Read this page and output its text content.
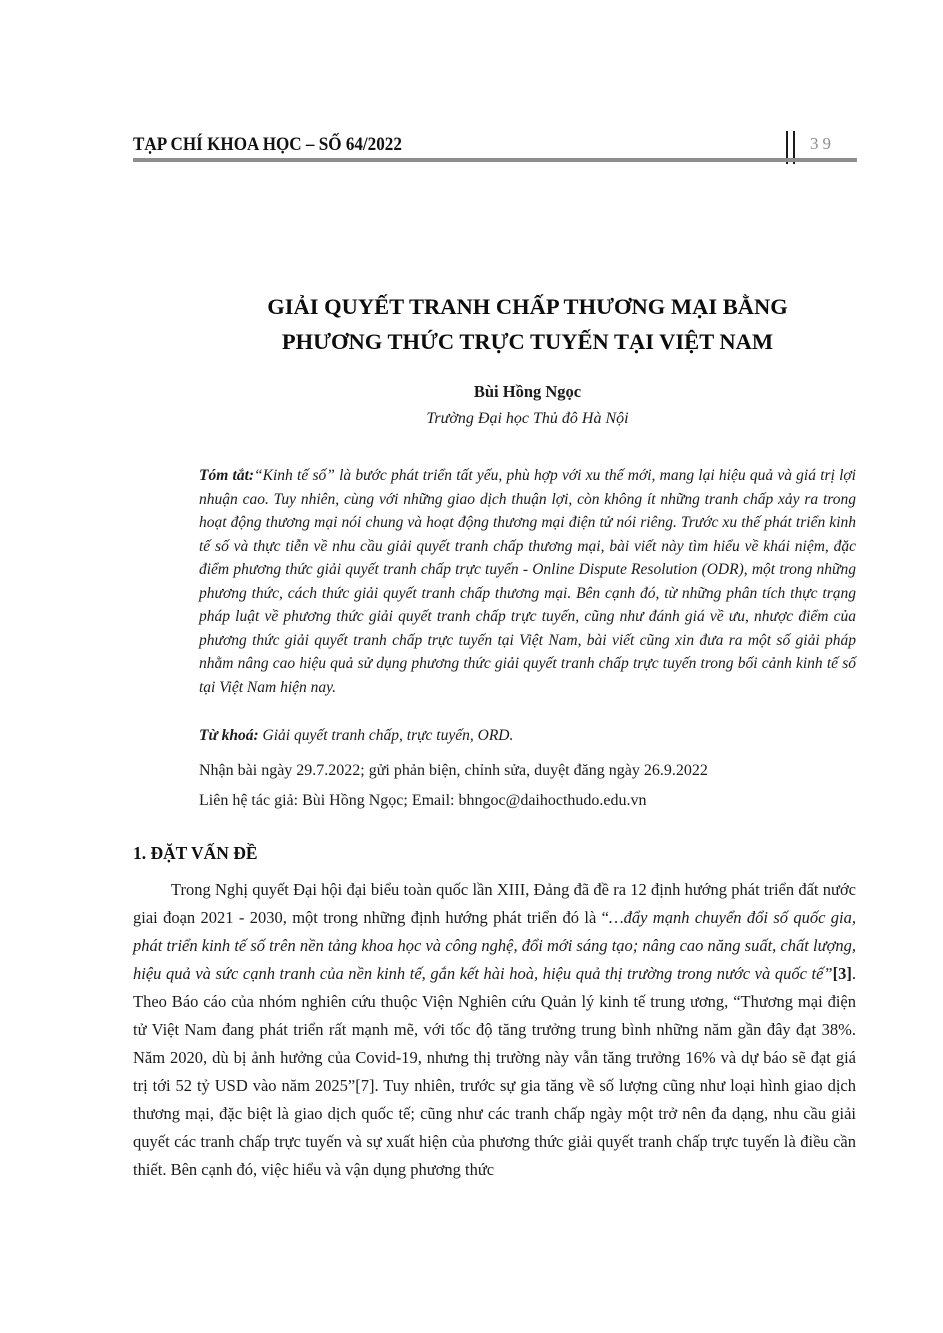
TẠP CHÍ KHOA HỌC – SỐ 64/2022	39
GIẢI QUYẾT TRANH CHẤP THƯƠNG MẠI BẰNG
PHƯƠNG THỨC TRỰC TUYẾN TẠI VIỆT NAM
Bùi Hồng Ngọc
Trường Đại học Thủ đô Hà Nội
Tóm tắt:“Kinh tế số” là bước phát triển tất yếu, phù hợp với xu thế mới, mang lại hiệu quả và giá trị lợi nhuận cao. Tuy nhiên, cùng với những giao dịch thuận lợi, còn không ít những tranh chấp xảy ra trong hoạt động thương mại nói chung và hoạt động thương mại điện tử nói riêng. Trước xu thế phát triển kinh tế số và thực tiễn về nhu cầu giải quyết tranh chấp thương mại, bài viết này tìm hiểu về khái niệm, đặc điểm phương thức giải quyết tranh chấp trực tuyến - Online Dispute Resolution (ODR), một trong những phương thức, cách thức giải quyết tranh chấp thương mại. Bên cạnh đó, từ những phân tích thực trạng pháp luật về phương thức giải quyết tranh chấp trực tuyến, cũng như đánh giá về ưu, nhược điểm của phương thức giải quyết tranh chấp trực tuyến tại Việt Nam, bài viết cũng xin đưa ra một số giải pháp nhằm nâng cao hiệu quả sử dụng phương thức giải quyết tranh chấp trực tuyến trong bối cảnh kinh tế số tại Việt Nam hiện nay.
Từ khoá: Giải quyết tranh chấp, trực tuyến, ORD.
Nhận bài ngày 29.7.2022; gửi phản biện, chỉnh sửa, duyệt đăng ngày 26.9.2022
Liên hệ tác giả: Bùi Hồng Ngọc; Email: bhngoc@daihocthudo.edu.vn
1. ĐẶT VẤN ĐỀ
Trong Nghị quyết Đại hội đại biểu toàn quốc lần XIII, Đảng đã đề ra 12 định hướng phát triển đất nước giai đoạn 2021 - 2030, một trong những định hướng phát triển đó là “…đẩy mạnh chuyển đổi số quốc gia, phát triển kinh tế số trên nền tảng khoa học và công nghệ, đổi mới sáng tạo; nâng cao năng suất, chất lượng, hiệu quả và sức cạnh tranh của nền kinh tế, gắn kết hài hoà, hiệu quả thị trường trong nước và quốc tế”[3]. Theo Báo cáo của nhóm nghiên cứu thuộc Viện Nghiên cứu Quản lý kinh tế trung ương, “Thương mại điện tử Việt Nam đang phát triển rất mạnh mẽ, với tốc độ tăng trưởng trung bình những năm gần đây đạt 38%. Năm 2020, dù bị ảnh hưởng của Covid-19, nhưng thị trường này vẫn tăng trưởng 16% và dự báo sẽ đạt giá trị tới 52 tỷ USD vào năm 2025”[7]. Tuy nhiên, trước sự gia tăng về số lượng cũng như loại hình giao dịch thương mại, đặc biệt là giao dịch quốc tế; cũng như các tranh chấp ngày một trở nên đa dạng, nhu cầu giải quyết các tranh chấp trực tuyến và sự xuất hiện của phương thức giải quyết tranh chấp trực tuyến là điều cần thiết. Bên cạnh đó, việc hiểu và vận dụng phương thức
